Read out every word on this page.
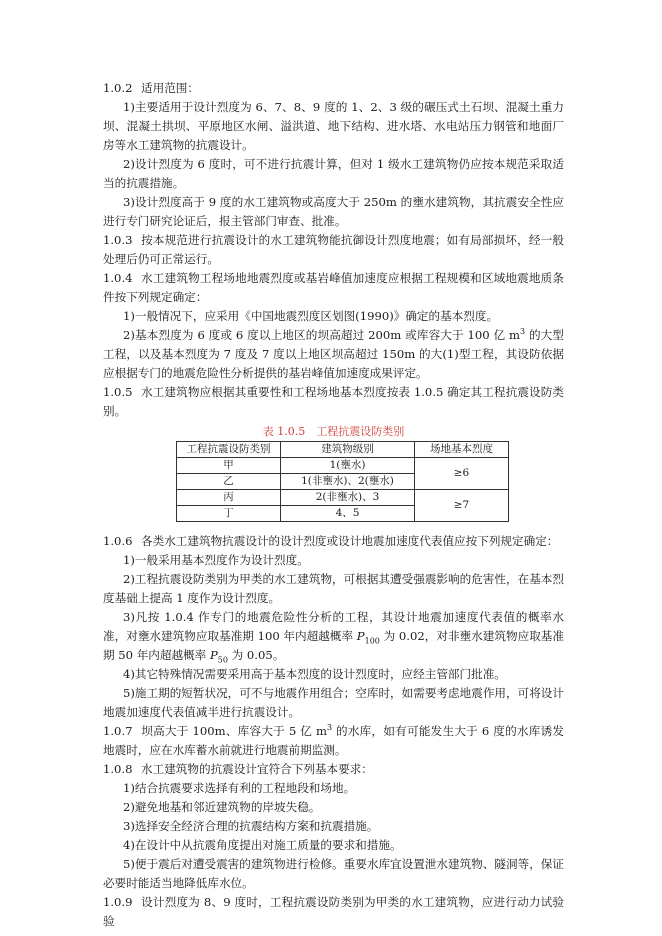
1.0.2 适用范围：

1)主要适用于设计烈度为 6、7、8、9 度的 1、2、3 级的碾压式土石坝、混凝土重力坝、混凝土拱坝、平原地区水闸、溢洪道、地下结构、进水塔、水电站压力钢管和地面厂房等水工建筑物的抗震设计。

2)设计烈度为 6 度时，可不进行抗震计算，但对 1 级水工建筑物仍应按本规范采取适当的抗震措施。

3)设计烈度高于 9 度的水工建筑物或高度大于 250m 的壅水建筑物，其抗震安全性应进行专门研究论证后，报主管部门审查、批准。

1.0.3 按本规范进行抗震设计的水工建筑物能抗御设计烈度地震；如有局部损坏，经一般处理后仍可正常运行。

1.0.4 水工建筑物工程场地地震烈度或基岩峰值加速度应根据工程规模和区域地震地质条件按下列规定确定：

1)一般情况下，应采用《中国地震烈度区划图(1990)》确定的基本烈度。

2)基本烈度为 6 度或 6 度以上地区的坝高超过 200m 或库容大于 100 亿 $m^3$ 的大型工程，以及基本烈度为 7 度及 7 度以上地区坝高超过 150m 的大(1)型工程，其设防依据应根据专门的地震危险性分析提供的基岩峰值加速度成果评定。

1.0.5 水工建筑物应根据其重要性和工程场地基本烈度按表 1.0.5 确定其工程抗震设防类别。

表 1.0.5　工程抗震设防类别
工程抗震设防类别	建筑物级别	场地基本烈度
甲	1(壅水)	≥6
乙	1(非壅水)、2(壅水)	
丙	2(非壅水)、3	≥7
丁	4、5	

1.0.6 各类水工建筑物抗震设计的设计烈度或设计地震加速度代表值应按下列规定确定：

1)一般采用基本烈度作为设计烈度。

2)工程抗震设防类别为甲类的水工建筑物，可根据其遭受强震影响的危害性，在基本烈度基础上提高 1 度作为设计烈度。

3)凡按 1.0.4 作专门的地震危险性分析的工程，其设计地震加速度代表值的概率水准，对壅水建筑物应取基准期 100 年内超越概率 $P_{100}$ 为 0.02，对非壅水建筑物应取基准期 50 年内超越概率 $P_{50}$ 为 0.05。

4)其它特殊情况需要采用高于基本烈度的设计烈度时，应经主管部门批准。

5)施工期的短暂状况，可不与地震作用组合；空库时，如需要考虑地震作用，可将设计地震加速度代表值减半进行抗震设计。

1.0.7 坝高大于 100m、库容大于 5 亿 $m^3$ 的水库，如有可能发生大于 6 度的水库诱发地震时，应在水库蓄水前就进行地震前期监测。

1.0.8 水工建筑物的抗震设计宜符合下列基本要求：

1)结合抗震要求选择有利的工程地段和场地。

2)避免地基和邻近建筑物的岸坡失稳。

3)选择安全经济合理的抗震结构方案和抗震措施。

4)在设计中从抗震角度提出对施工质量的要求和措施。

5)便于震后对遭受震害的建筑物进行检修。重要水库宜设置泄水建筑物、隧洞等，保证必要时能适当地降低库水位。

1.0.9 设计烈度为 8、9 度时，工程抗震设防类别为甲类的水工建筑物，应进行动力试验验
